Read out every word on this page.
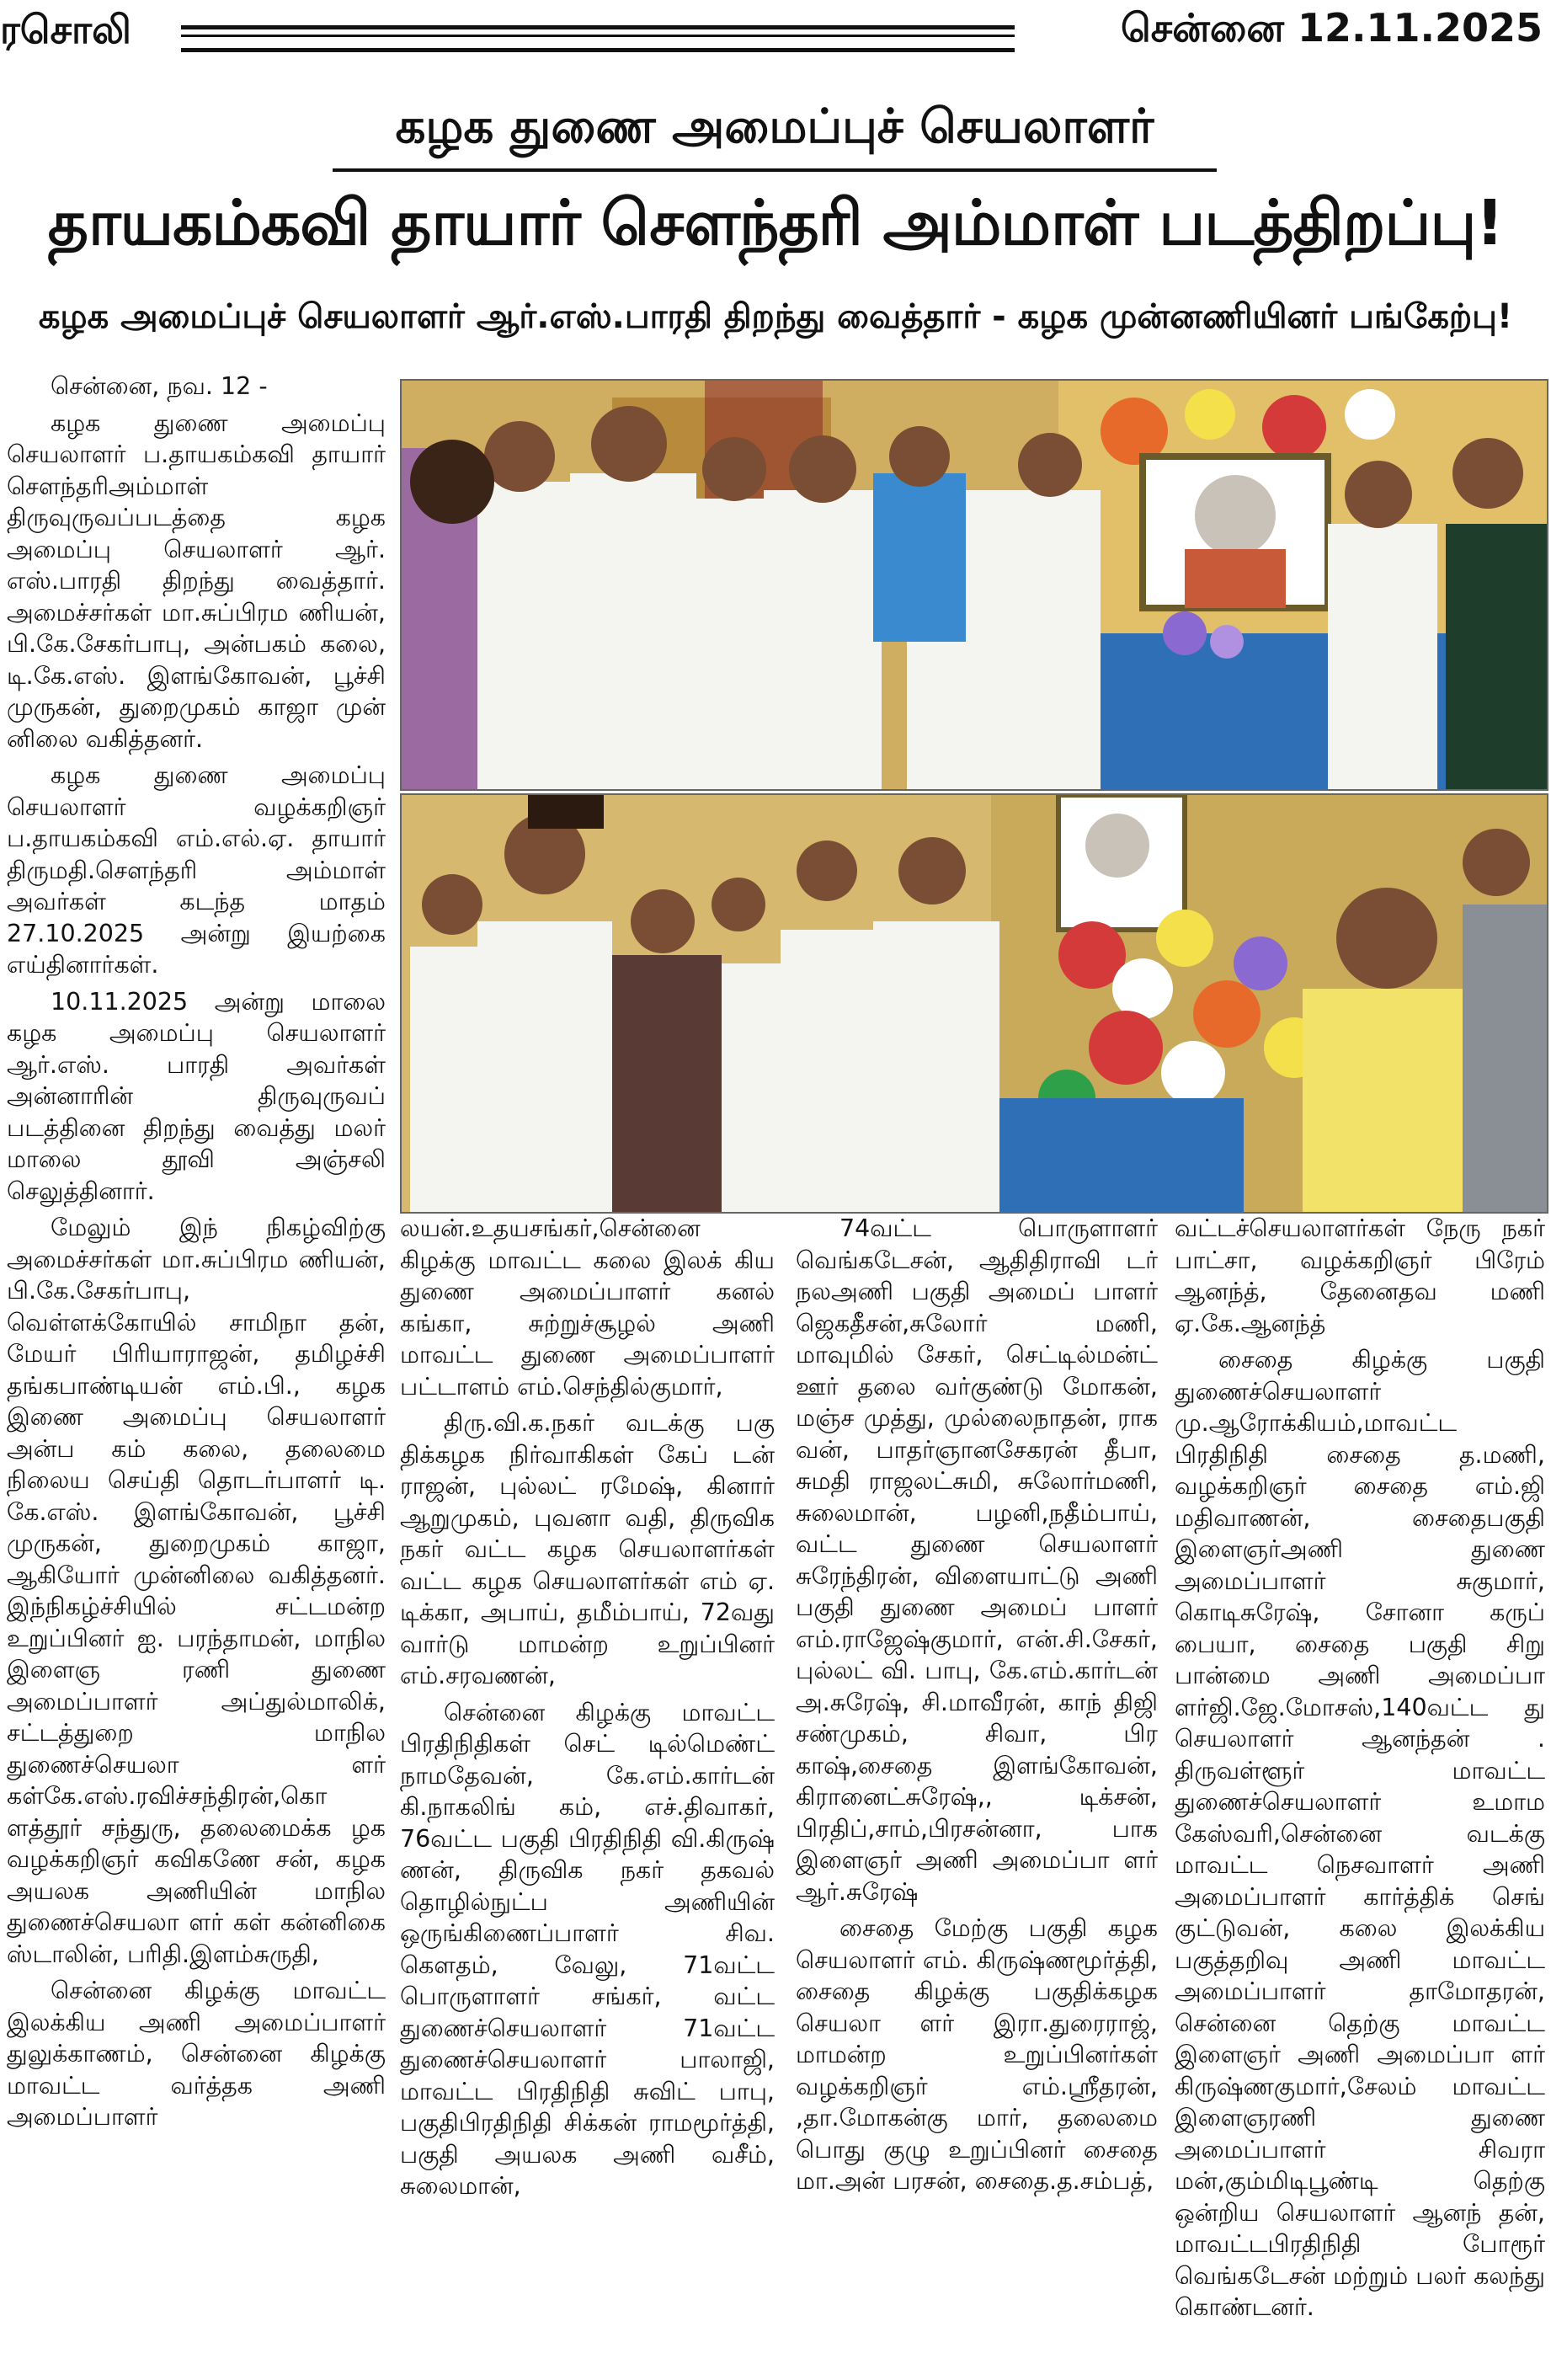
ரசொலி	சென்னை 12.11.2025
கழக துணை அமைப்புச் செயலாளர்
தாயகம்கவி தாயார் சௌந்தரி அம்மாள் படத்திறப்பு!
கழக அமைப்புச் செயலாளர் ஆர்.எஸ்.பாரதி திறந்து வைத்தார் - கழக முன்னணியினர் பங்கேற்பு!

சென்னை, நவ. 12 -

கழக துணை அமைப்பு செயலாளர் ப.தாயகம்கவி தாயார் சௌந்தரிஅம்மாள் திருவுருவப்படத்தை கழக அமைப்பு செயலாளர் ஆர். எஸ்.பாரதி திறந்து வைத்தார். அமைச்சர்கள் மா.சுப்பிரம ணியன், பி.கே.சேகர்பாபு, அன்பகம் கலை, டி.கே.எஸ். இளங்கோவன், பூச்சி முருகன், துறைமுகம் காஜா முன் னிலை வகித்தனர்.

கழக துணை அமைப்பு செயலாளர் வழக்கறிஞர் ப.தாயகம்கவி எம்.எல்.ஏ. தாயார் திருமதி.சௌந்தரி அம்மாள் அவர்கள் கடந்த மாதம் 27.10.2025 அன்று இயற்கை எய்தினார்கள்.

10.11.2025 அன்று மாலை கழக அமைப்பு செயலாளர் ஆர்.எஸ். பாரதி அவர்கள் அன்னாரின் திருவுருவப் படத்தினை திறந்து வைத்து மலர் மாலை தூவி அஞ்சலி செலுத்தினார்.

மேலும் இந் நிகழ்விற்கு அமைச்சர்கள் மா.சுப்பிரம ணியன், பி.கே.சேகர்பாபு, வெள்ளக்கோயில் சாமிநா தன், மேயர் பிரியாராஜன், தமிழச்சி தங்கபாண்டியன் எம்.பி., கழக இணை அமைப்பு செயலாளர் அன்ப கம் கலை, தலைமை நிலைய செய்தி தொடர்பாளர் டி. கே.எஸ். இளங்கோவன், பூச்சி முருகன், துறைமுகம் காஜா, ஆகியோர் முன்னிலை வகித்தனர். இந்நிகழ்ச்சியில் சட்டமன்ற உறுப்பினர் ஐ. பரந்தாமன், மாநில இளைஞ ரணி துணை அமைப்பாளர் அப்துல்மாலிக், சட்டத்துறை மாநில துணைச்செயலா ளர் கள்கே.எஸ்.ரவிச்சந்திரன்,கொ ளத்தூர் சந்துரு, தலைமைக்க ழக வழக்கறிஞர் கவிகணே சன், கழக அயலக அணியின் மாநில துணைச்செயலா ளர் கள் கன்னிகை ஸ்டாலின், பரிதி.இளம்சுருதி,

சென்னை கிழக்கு மாவட்ட இலக்கிய அணி அமைப்பாளர் துலுக்காணம், சென்னை கிழக்கு மாவட்ட வர்த்தக அணி அமைப்பாளர்

லயன்.உதயசங்கர்,சென்னை கிழக்கு மாவட்ட கலை இலக் கிய துணை அமைப்பாளர் கனல் கங்கா, சுற்றுச்சூழல் அணி மாவட்ட துணை அமைப்பாளர் பட்டாளம் எம்.செந்தில்குமார்,

திரு.வி.க.நகர் வடக்கு பகு திக்கழக நிர்வாகிகள் கேப் டன் ராஜன், புல்லட் ரமேஷ், கினார் ஆறுமுகம், புவனா வதி, திருவிக நகர் வட்ட கழக செயலாளர்கள் வட்ட கழக செயலாளர்கள் எம் ஏ. டிக்கா, அபாய், தமீம்பாய், 72வது வார்டு மாமன்ற உறுப்பினர் எம்.சரவணன்,

சென்னை கிழக்கு மாவட்ட பிரதிநிதிகள் செட் டில்மெண்ட் நாமதேவன், கே.எம்.கார்டன் கி.நாகலிங் கம், எச்.திவாகர், 76வட்ட பகுதி பிரதிநிதி வி.கிருஷ் ணன், திருவிக நகர் தகவல் தொழில்நுட்ப அணியின் ஒருங்கிணைப்பாளர் சிவ. கௌதம், வேலு, 71வட்ட பொருளாளர் சங்கர், வட்ட துணைச்செயலாளர் 71வட்ட துணைச்செயலாளர் பாலாஜி, மாவட்ட பிரதிநிதி சுவிட் பாபு, பகுதிபிரதிநிதி சிக்கன் ராமமூர்த்தி, பகுதி அயலக அணி வசீம், சுலைமான்,

74வட்ட பொருளாளர் வெங்கடேசன், ஆதிதிராவி டர் நலஅணி பகுதி அமைப் பாளர் ஜெகதீசன்,சுலோர் மணி, மாவுமில் சேகர், செட்டில்மன்ட் ஊர் தலை வர்குண்டு மோகன், மஞ்ச முத்து, முல்லைநாதன், ராக வன், பாதர்ஞானசேகரன் தீபா, சுமதி ராஜலட்சுமி, சுலோர்மணி, சுலைமான், பழனி,நதீம்பாய், வட்ட துணை செயலாளர் சுரேந்திரன், விளையாட்டு அணி பகுதி துணை அமைப் பாளர் எம்.ராஜேஷ்குமார், என்.சி.சேகர், புல்லட் வி. பாபு, கே.எம்.கார்டன் அ.சுரேஷ், சி.மாவீரன், காந் திஜி சண்முகம், சிவா, பிர காஷ்,சைதை இளங்கோவன், கிரானைட்சுரேஷ்,, டிக்சன், பிரதிப்,சாம்,பிரசன்னா, பாக இளைஞர் அணி அமைப்பா ளர் ஆர்.சுரேஷ்

சைதை மேற்கு பகுதி கழக செயலாளர் எம். கிருஷ்ணமூர்த்தி, சைதை கிழக்கு பகுதிக்கழக செயலா ளர் இரா.துரைராஜ், மாமன்ற உறுப்பினர்கள் வழக்கறிஞர் எம்.ஸ்ரீதரன், ,தா.மோகன்கு மார், தலைமை பொது குழு உறுப்பினர் சைதை மா.அன் பரசன், சைதை.த.சம்பத்,

வட்டச்செயலாளர்கள் நேரு நகர் பாட்சா, வழக்கறிஞர் பிரேம் ஆனந்த், தேனைதவ மணி ஏ.கே.ஆனந்த்

சைதை கிழக்கு பகுதி துணைச்செயலாளர் மு.ஆரோக்கியம்,மாவட்ட பிரதிநிதி சைதை த.மணி, வழக்கறிஞர் சைதை எம்.ஜி மதிவாணன், சைதைபகுதி இளைஞர்அணி துணை அமைப்பாளர் சுகுமார், கொடிசுரேஷ், சோனா கருப் பையா, சைதை பகுதி சிறு பான்மை அணி அமைப்பா ளர்ஜி.ஜே.மோசஸ்,140வட்ட து செயலாளர் ஆனந்தன் . திருவள்ளூர் மாவட்ட துணைச்செயலாளர் உமாம கேஸ்வரி,சென்னை வடக்கு மாவட்ட நெசவாளர் அணி அமைப்பாளர் கார்த்திக் செங் குட்டுவன், கலை இலக்கிய பகுத்தறிவு அணி மாவட்ட அமைப்பாளர் தாமோதரன், சென்னை தெற்கு மாவட்ட இளைஞர் அணி அமைப்பா ளர் கிருஷ்ணகுமார்,சேலம் மாவட்ட இளைஞரணி துணை அமைப்பாளர் சிவரா மன்,கும்மிடிபூண்டி தெற்கு ஒன்றிய செயலாளர் ஆனந் தன், மாவட்டபிரதிநிதி போரூர் வெங்கடேசன் மற்றும் பலர் கலந்து கொண்டனர்.
